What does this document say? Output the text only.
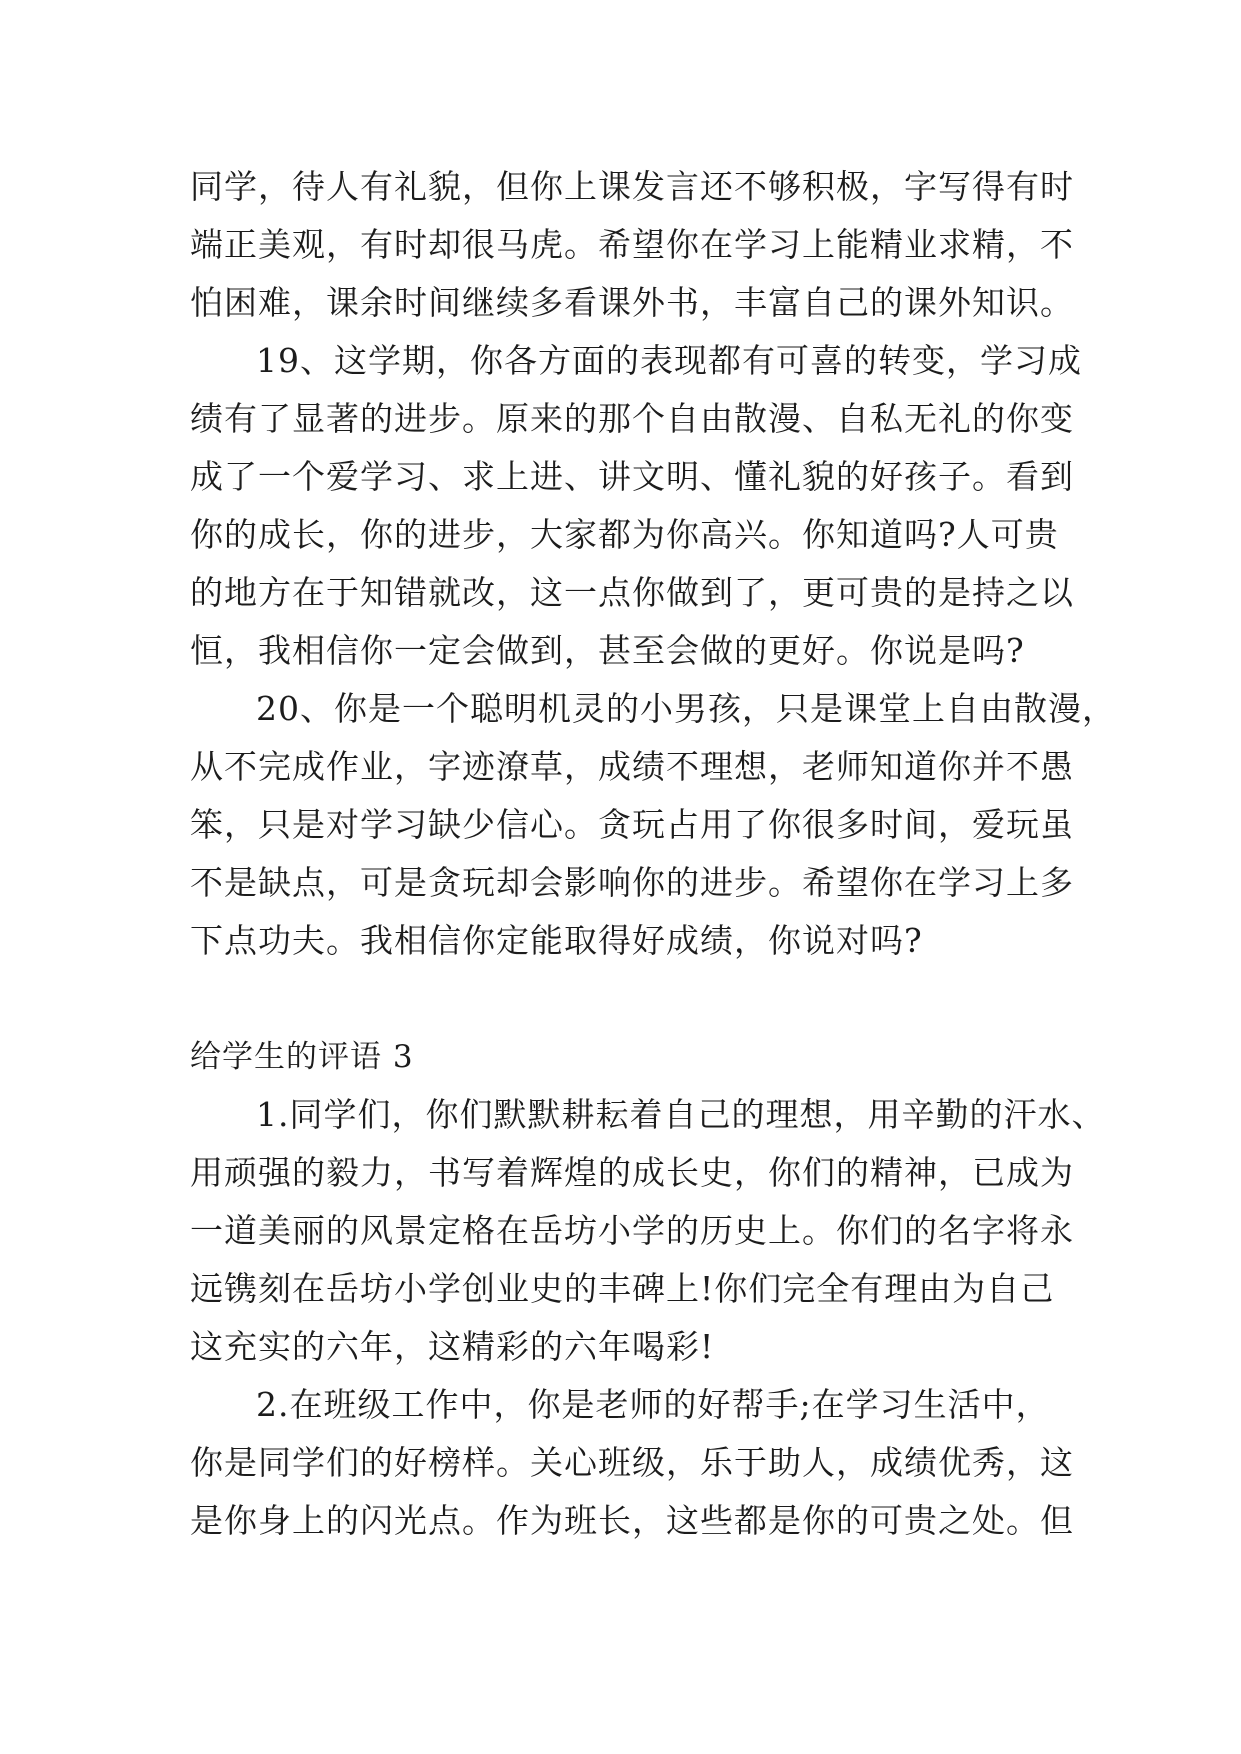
同学，待人有礼貌，但你上课发言还不够积极，字写得有时
端正美观，有时却很马虎。希望你在学习上能精业求精，不
怕困难，课余时间继续多看课外书，丰富自己的课外知识。
19、这学期，你各方面的表现都有可喜的转变，学习成
绩有了显著的进步。原来的那个自由散漫、自私无礼的你变
成了一个爱学习、求上进、讲文明、懂礼貌的好孩子。看到
你的成长，你的进步，大家都为你高兴。你知道吗?人可贵
的地方在于知错就改，这一点你做到了，更可贵的是持之以
恒，我相信你一定会做到，甚至会做的更好。你说是吗?
20、你是一个聪明机灵的小男孩，只是课堂上自由散漫，
从不完成作业，字迹潦草，成绩不理想，老师知道你并不愚
笨，只是对学习缺少信心。贪玩占用了你很多时间，爱玩虽
不是缺点，可是贪玩却会影响你的进步。希望你在学习上多
下点功夫。我相信你定能取得好成绩，你说对吗?
给学生的评语 3
1.同学们，你们默默耕耘着自己的理想，用辛勤的汗水、
用顽强的毅力，书写着辉煌的成长史，你们的精神，已成为
一道美丽的风景定格在岳坊小学的历史上。你们的名字将永
远镌刻在岳坊小学创业史的丰碑上!你们完全有理由为自己
这充实的六年，这精彩的六年喝彩!
2.在班级工作中，你是老师的好帮手;在学习生活中，
你是同学们的好榜样。关心班级，乐于助人，成绩优秀，这
是你身上的闪光点。作为班长，这些都是你的可贵之处。但
